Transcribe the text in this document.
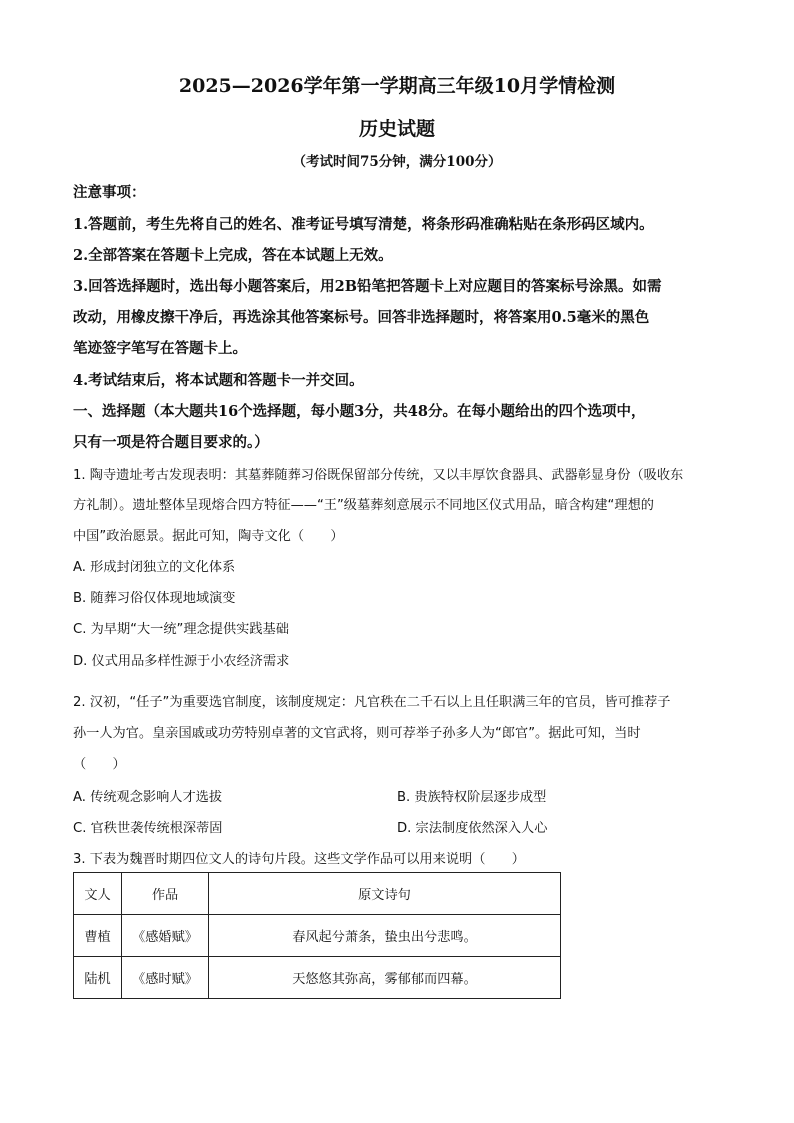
2025—2026学年第一学期高三年级10月学情检测
历史试题
（考试时间75分钟，满分100分）
注意事项：
1.答题前，考生先将自己的姓名、准考证号填写清楚，将条形码准确粘贴在条形码区域内。
2.全部答案在答题卡上完成，答在本试题上无效。
3.回答选择题时，选出每小题答案后，用2B铅笔把答题卡上对应题目的答案标号涂黑。如需
改动，用橡皮擦干净后，再选涂其他答案标号。回答非选择题时，将答案用0.5毫米的黑色
笔迹签字笔写在答题卡上。
4.考试结束后，将本试题和答题卡一并交回。
一、选择题（本大题共16个选择题，每小题3分，共48分。在每小题给出的四个选项中，
只有一项是符合题目要求的。）
1. 陶寺遗址考古发现表明：其墓葬随葬习俗既保留部分传统，又以丰厚饮食器具、武器彰显身份（吸收东
方礼制）。遗址整体呈现熔合四方特征——“王”级墓葬刻意展示不同地区仪式用品，暗含构建“理想的
中国”政治愿景。据此可知，陶寺文化（　　）
A. 形成封闭独立的文化体系
B. 随葬习俗仅体现地域演变
C. 为早期“大一统”理念提供实践基础
D. 仪式用品多样性源于小农经济需求
2. 汉初，“任子”为重要选官制度，该制度规定：凡官秩在二千石以上且任职满三年的官员，皆可推荐子
孙一人为官。皇亲国戚或功劳特别卓著的文官武将，则可荐举子孙多人为“郎官”。据此可知，当时
（　　）
A. 传统观念影响人才选拔	B. 贵族特权阶层逐步成型
C. 官秩世袭传统根深蒂固	D. 宗法制度依然深入人心
3. 下表为魏晋时期四位文人的诗句片段。这些文学作品可以用来说明（　　）
文人	作品	原文诗句
曹植	《感婚赋》	春风起兮萧条，蛰虫出兮悲鸣。
陆机	《感时赋》	天悠悠其弥高，雾郁郁而四幕。
